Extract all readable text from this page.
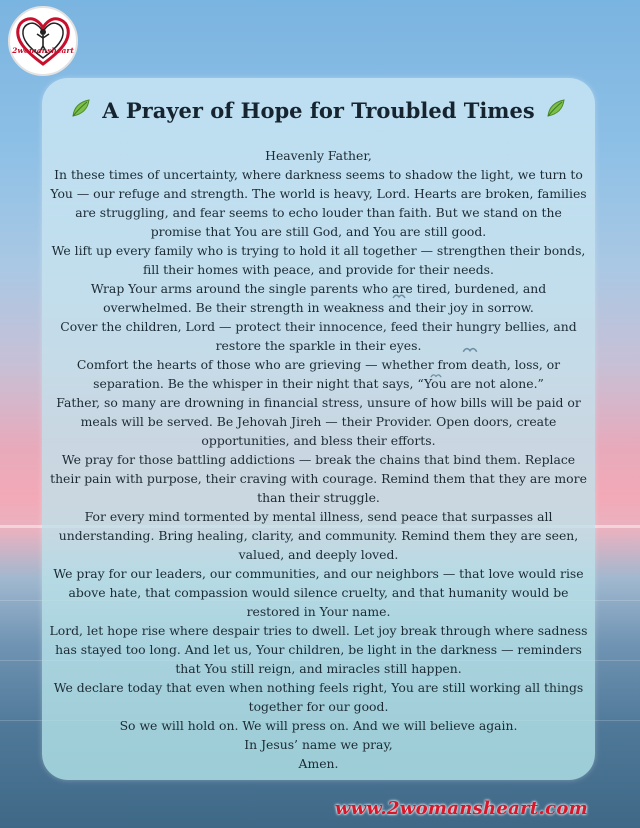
2womansheart
A Prayer of Hope for Troubled Times

Heavenly Father,

In these times of uncertainty, where darkness seems to shadow the light, we turn to You — our refuge and strength. The world is heavy, Lord. Hearts are broken, families are struggling, and fear seems to echo louder than faith. But we stand on the promise that You are still God, and You are still good.

We lift up every family who is trying to hold it all together — strengthen their bonds, fill their homes with peace, and provide for their needs.

Wrap Your arms around the single parents who are tired, burdened, and overwhelmed. Be their strength in weakness and their joy in sorrow.

Cover the children, Lord — protect their innocence, feed their hungry bellies, and restore the sparkle in their eyes.

Comfort the hearts of those who are grieving — whether from death, loss, or separation. Be the whisper in their night that says, “You are not alone.”

Father, so many are drowning in financial stress, unsure of how bills will be paid or meals will be served. Be Jehovah Jireh — their Provider. Open doors, create opportunities, and bless their efforts.

We pray for those battling addictions — break the chains that bind them. Replace their pain with purpose, their craving with courage. Remind them that they are more than their struggle.

For every mind tormented by mental illness, send peace that surpasses all understanding. Bring healing, clarity, and community. Remind them they are seen, valued, and deeply loved.

We pray for our leaders, our communities, and our neighbors — that love would rise above hate, that compassion would silence cruelty, and that humanity would be restored in Your name.

Lord, let hope rise where despair tries to dwell. Let joy break through where sadness has stayed too long. And let us, Your children, be light in the darkness — reminders that You still reign, and miracles still happen.

We declare today that even when nothing feels right, You are still working all things together for our good.

So we will hold on. We will press on. And we will believe again.

In Jesus’ name we pray,

Amen.

www.2womansheart.com
